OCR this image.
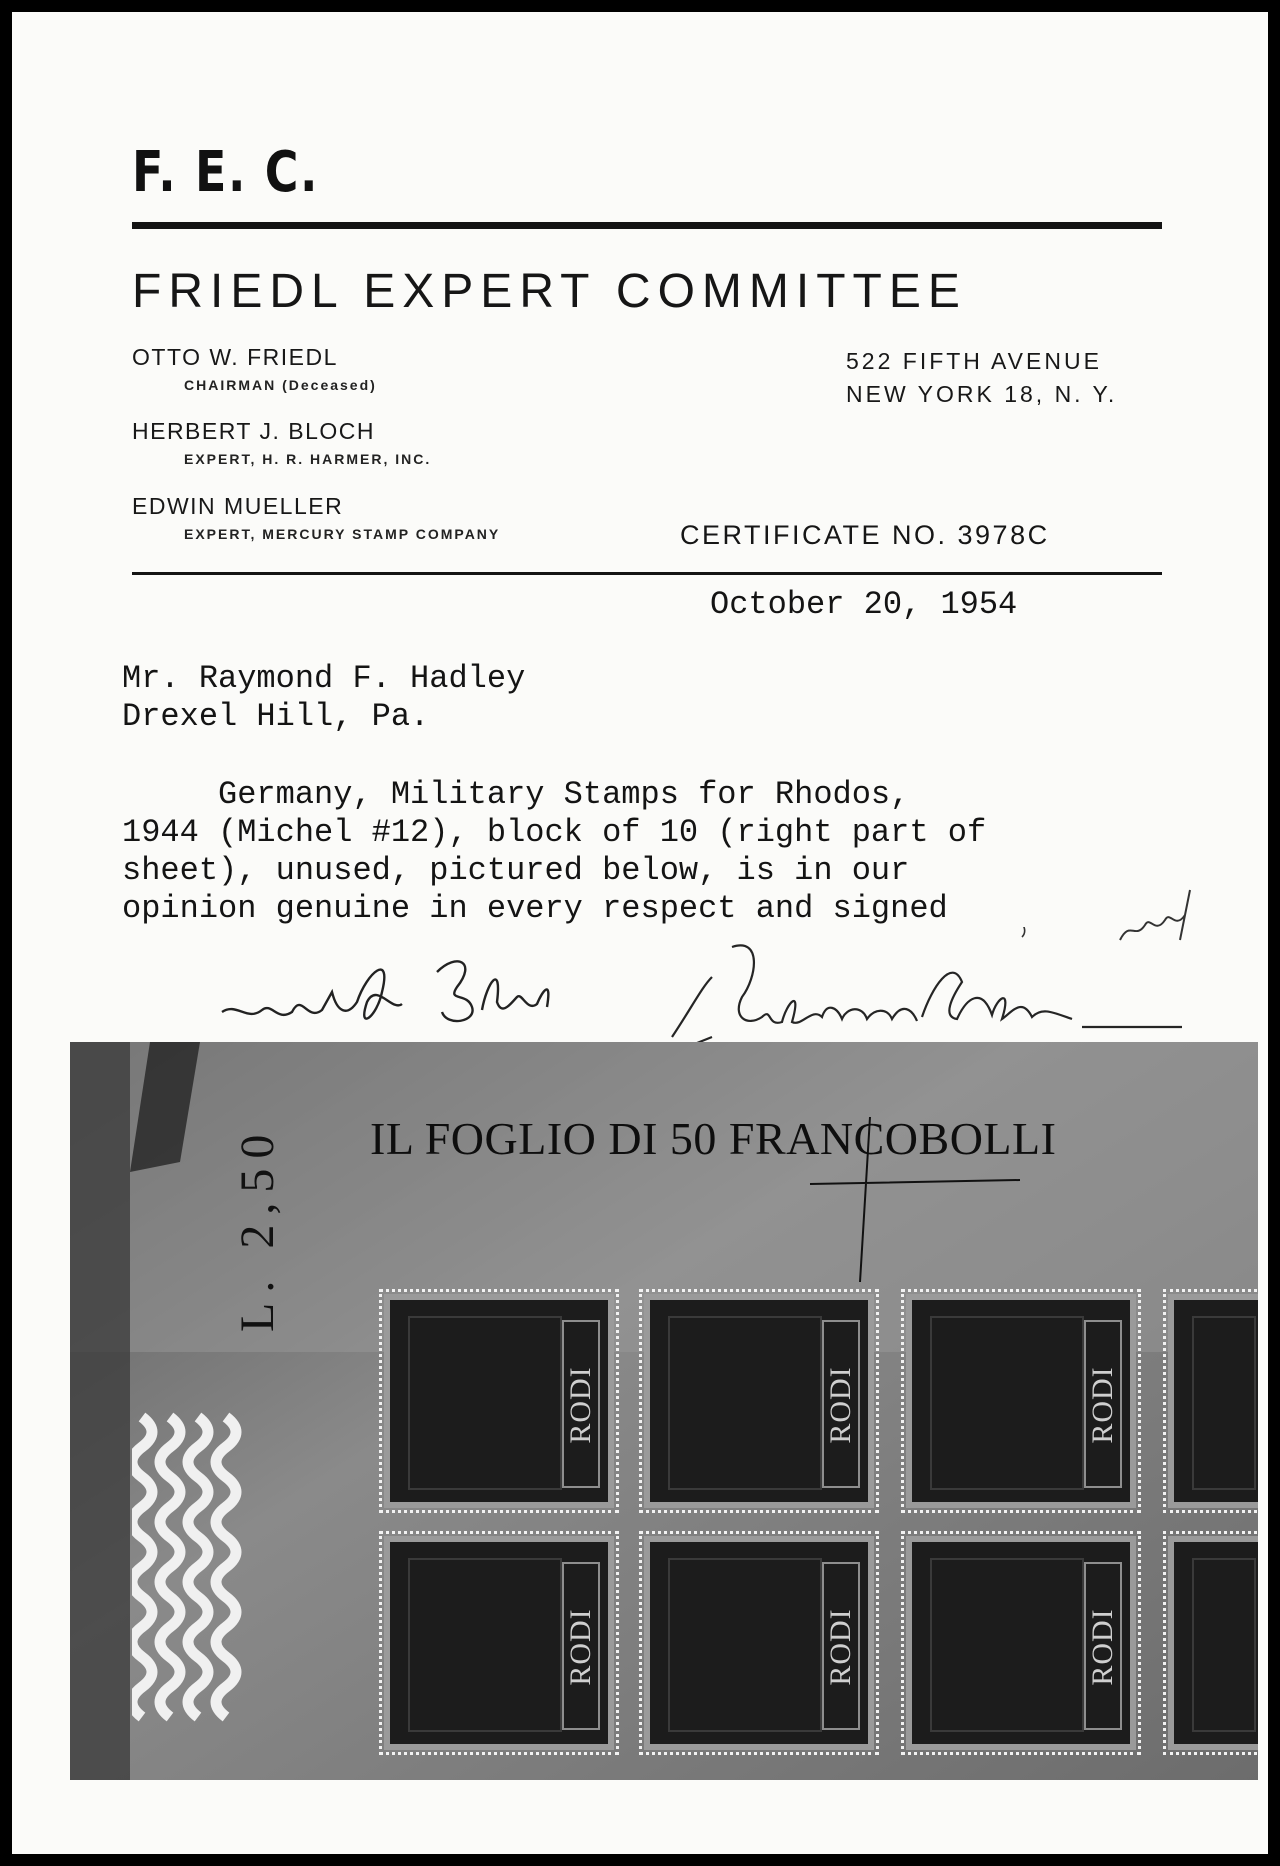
F. E. C.
FRIEDL EXPERT COMMITTEE
OTTO W. FRIEDL
CHAIRMAN (Deceased)
HERBERT J. BLOCH
EXPERT, H. R. HARMER, INC.
EDWIN MUELLER
EXPERT, MERCURY STAMP COMPANY
522 FIFTH AVENUE
NEW YORK 18, N. Y.
CERTIFICATE NO. 3978C
October 20, 1954
Mr. Raymond F. Hadley
Drexel Hill, Pa.
Germany, Military Stamps for Rhodos,
1944 (Michel #12), block of 10 (right part of
sheet), unused, pictured below, is in our
opinion genuine in every respect and signed
IL FOGLIO DI 50 FRANCOBOLLI
L. 2,50
RODI	RODI	RODI
RODI	RODI	RODI
